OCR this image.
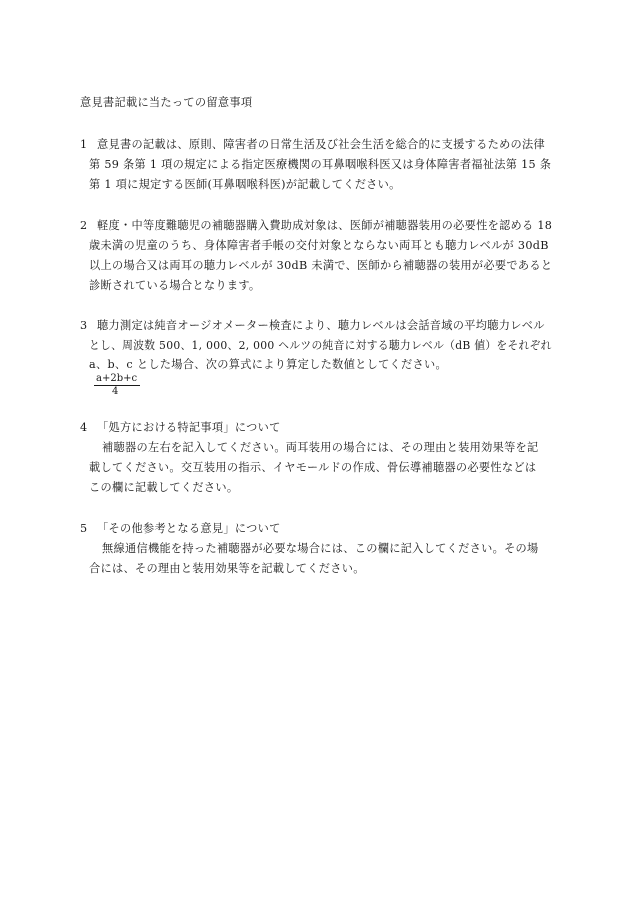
意見書記載に当たっての留意事項
1 意見書の記載は、原則、障害者の日常生活及び社会生活を総合的に支援するための法律
第 59 条第 1 項の規定による指定医療機関の耳鼻咽喉科医又は身体障害者福祉法第 15 条
第 1 項に規定する医師(耳鼻咽喉科医)が記載してください。
2 軽度・中等度難聴児の補聴器購入費助成対象は、医師が補聴器装用の必要性を認める 18
歳未満の児童のうち、身体障害者手帳の交付対象とならない両耳とも聴力レベルが 30dB
以上の場合又は両耳の聴力レベルが 30dB 未満で、医師から補聴器の装用が必要であると
診断されている場合となります。
3 聴力測定は純音オージオメーター検査により、聴力レベルは会話音域の平均聴力レベル
とし、周波数 500、1, 000、2, 000 ヘルツの純音に対する聴力レベル（dB 値）をそれぞれ
a、b、c とした場合、次の算式により算定した数値としてください。
a+2b+c
4
4 「処方における特記事項」について
補聴器の左右を記入してください。両耳装用の場合には、その理由と装用効果等を記
載してください。交互装用の指示、イヤモールドの作成、骨伝導補聴器の必要性などは
この欄に記載してください。
5 「その他参考となる意見」について
無線通信機能を持った補聴器が必要な場合には、この欄に記入してください。その場
合には、その理由と装用効果等を記載してください。
